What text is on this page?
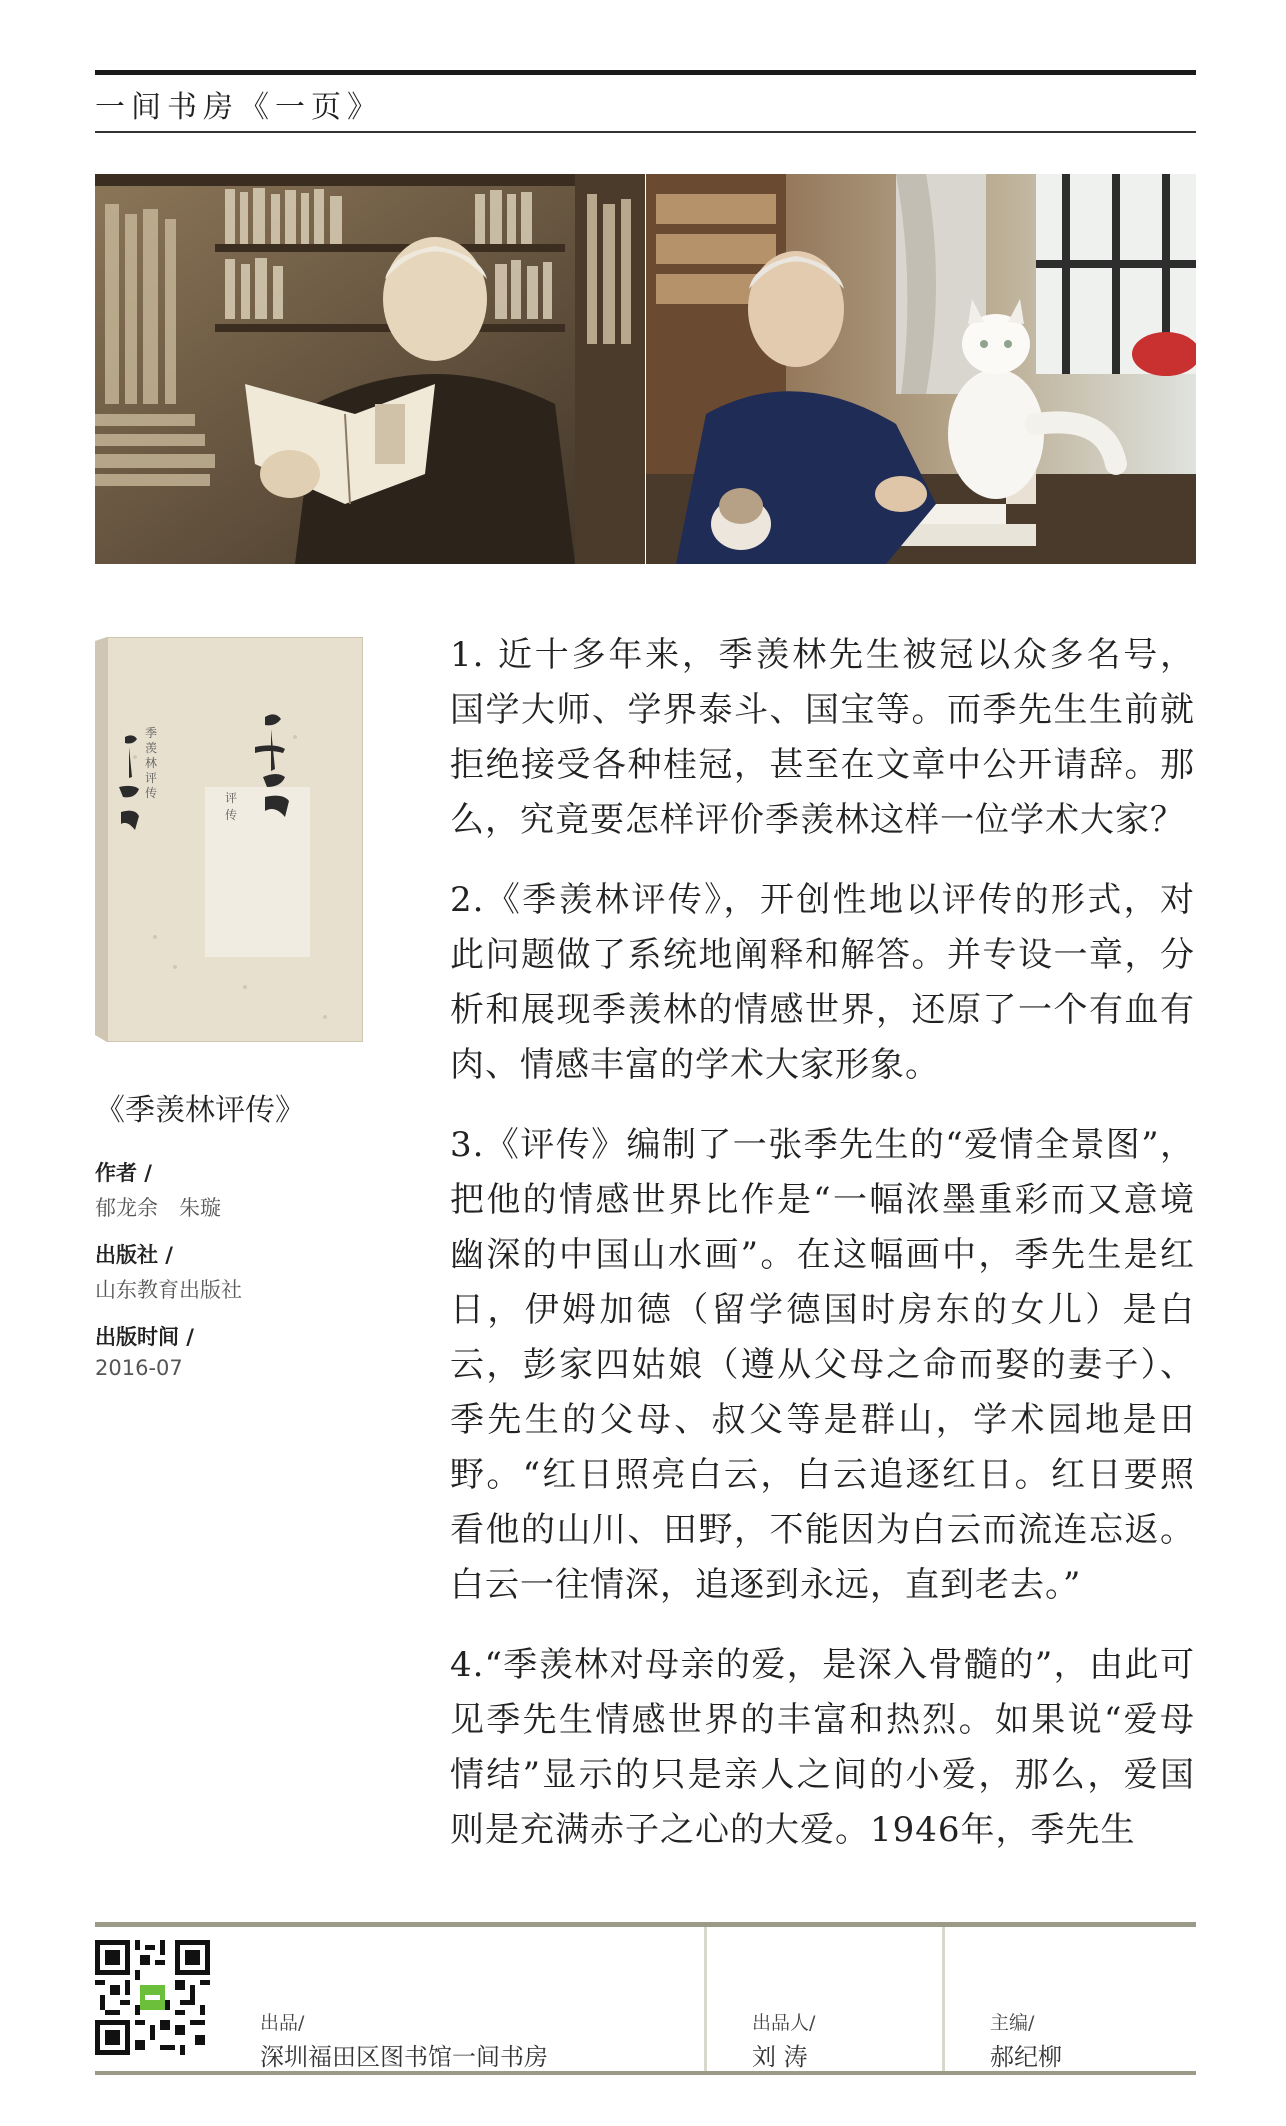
一间书房《一页》
评
传
季
羡
林
评
传
《季羡林评传》
作者 /
郁龙余　朱璇
出版社 /
山东教育出版社
出版时间 /
2016-07

1. 近十多年来，季羡林先生被冠以众多名号，国学大师、学界泰斗、国宝等。而季先生生前就拒绝接受各种桂冠，甚至在文章中公开请辞。那么，究竟要怎样评价季羡林这样一位学术大家？

2.《季羡林评传》，开创性地以评传的形式，对此问题做了系统地阐释和解答。并专设一章，分析和展现季羡林的情感世界，还原了一个有血有肉、情感丰富的学术大家形象。

3.《评传》编制了一张季先生的“爱情全景图”，把他的情感世界比作是“一幅浓墨重彩而又意境幽深的中国山水画”。在这幅画中，季先生是红日，伊姆加德（留学德国时房东的女儿）是白云，彭家四姑娘（遵从父母之命而娶的妻子）、季先生的父母、叔父等是群山，学术园地是田野。“红日照亮白云，白云追逐红日。红日要照看他的山川、田野，不能因为白云而流连忘返。白云一往情深，追逐到永远，直到老去。”

4.“季羡林对母亲的爱，是深入骨髓的”，由此可见季先生情感世界的丰富和热烈。如果说“爱母情结”显示的只是亲人之间的小爱，那么，爱国则是充满赤子之心的大爱。1946年，季先生

出品/
深圳福田区图书馆一间书房
出品人/
刘 涛
主编/
郝纪柳
